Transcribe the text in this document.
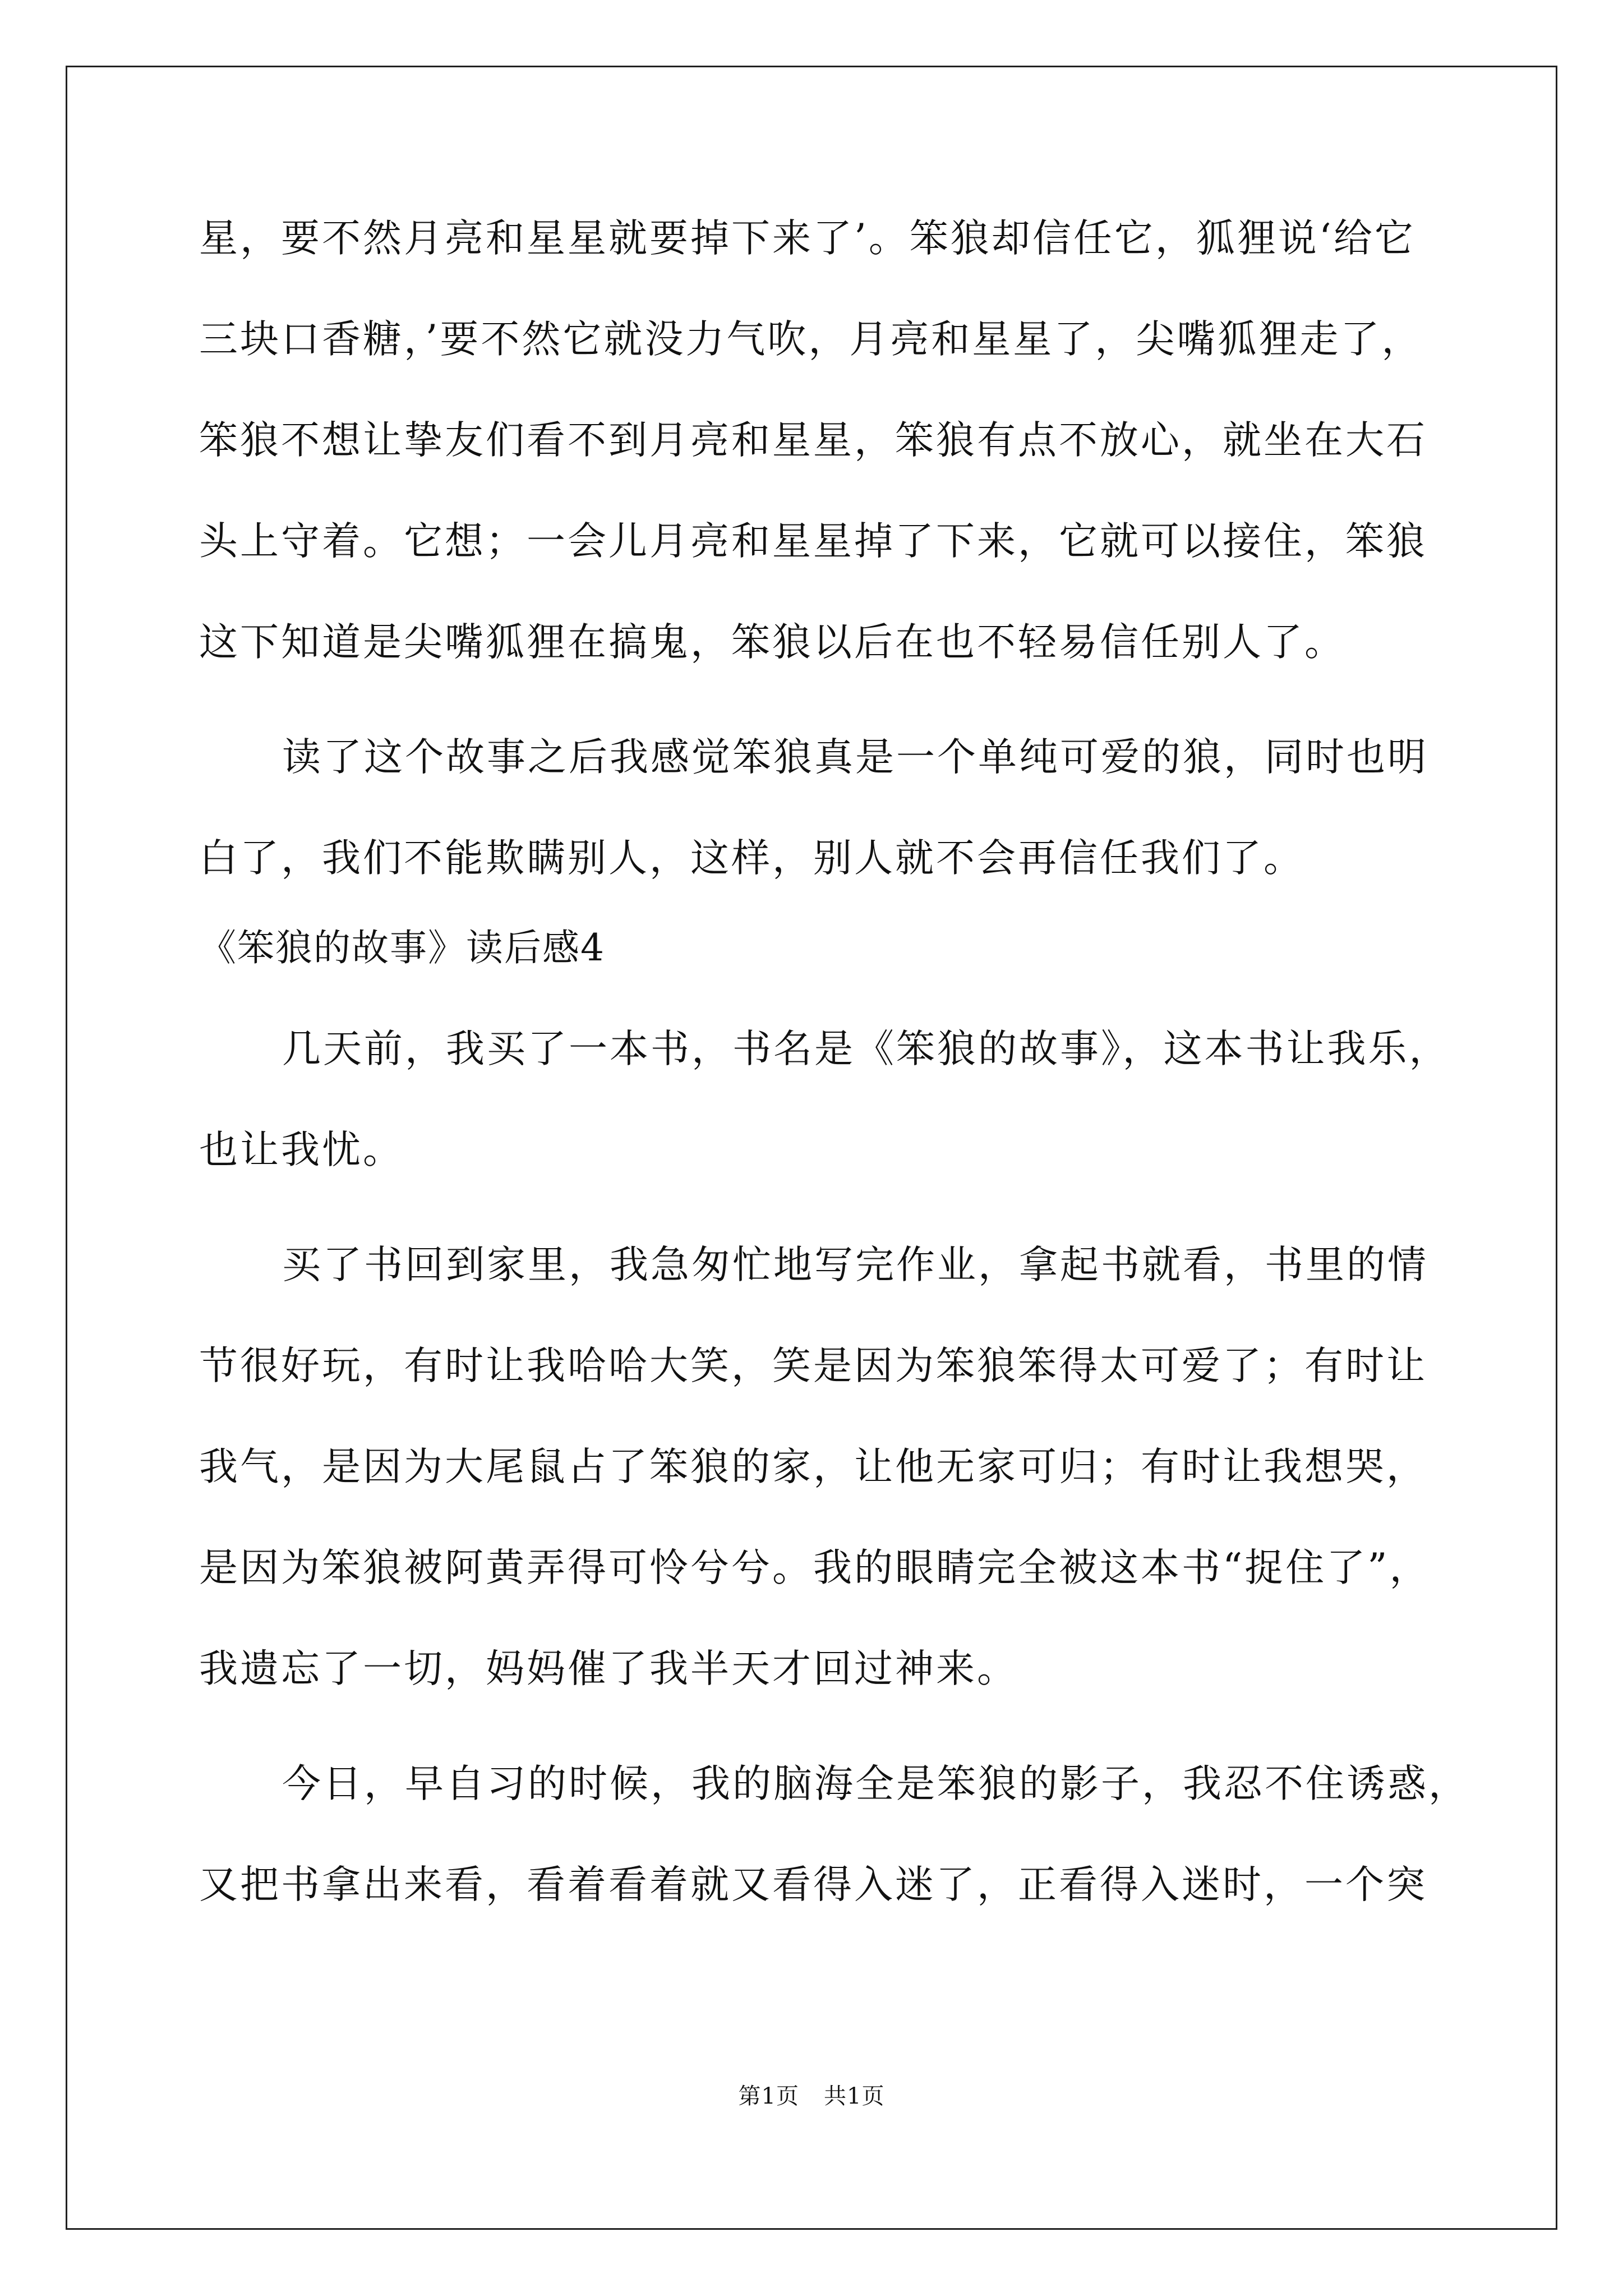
星，要不然月亮和星星就要掉下来了’。笨狼却信任它，狐狸说‘给它

三块口香糖，’要不然它就没力气吹，月亮和星星了，尖嘴狐狸走了，

笨狼不想让挚友们看不到月亮和星星，笨狼有点不放心，就坐在大石

头上守着。它想；一会儿月亮和星星掉了下来，它就可以接住，笨狼

这下知道是尖嘴狐狸在搞鬼，笨狼以后在也不轻易信任别人了。

读了这个故事之后我感觉笨狼真是一个单纯可爱的狼，同时也明

白了，我们不能欺瞒别人，这样，别人就不会再信任我们了。

《笨狼的故事》读后感4

几天前，我买了一本书，书名是《笨狼的故事》，这本书让我乐，

也让我忧。

买了书回到家里，我急匆忙地写完作业，拿起书就看，书里的情

节很好玩，有时让我哈哈大笑，笑是因为笨狼笨得太可爱了；有时让

我气，是因为大尾鼠占了笨狼的家，让他无家可归；有时让我想哭，

是因为笨狼被阿黄弄得可怜兮兮。我的眼睛完全被这本书“捉住了”，

我遗忘了一切，妈妈催了我半天才回过神来。

今日，早自习的时候，我的脑海全是笨狼的影子，我忍不住诱惑，

又把书拿出来看，看着看着就又看得入迷了，正看得入迷时，一个突

第1页 共1页
